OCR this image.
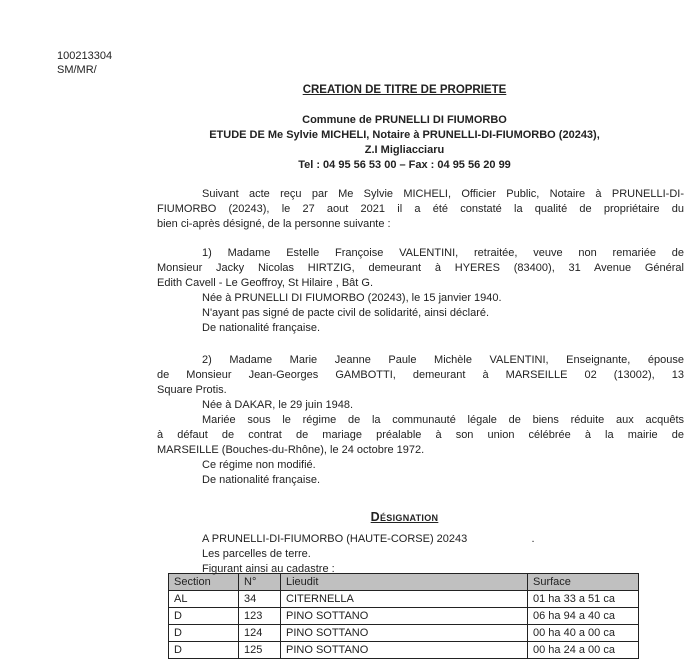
100213304
SM/MR/
CREATION DE TITRE DE PROPRIETE
Commune de PRUNELLI DI FIUMORBO
ETUDE DE Me Sylvie MICHELI, Notaire à PRUNELLI-DI-FIUMORBO (20243),
Z.I Migliacciaru
Tel : 04 95 56 53 00 – Fax : 04 95 56 20 99
Suivant acte reçu par Me Sylvie MICHELI, Officier Public, Notaire à PRUNELLI-DI-
FIUMORBO (20243), le 27 aout 2021 il a été constaté la qualité de propriétaire du
bien ci-après désigné, de la personne suivante :
1) Madame Estelle Françoise VALENTINI, retraitée, veuve non remariée de
Monsieur Jacky Nicolas HIRTZIG, demeurant à HYERES (83400), 31 Avenue Général
Edith Cavell - Le Geoffroy, St Hilaire , Bât G.
Née à PRUNELLI DI FIUMORBO (20243), le 15 janvier 1940.
N'ayant pas signé de pacte civil de solidarité, ainsi déclaré.
De nationalité française.
2) Madame Marie Jeanne Paule Michèle VALENTINI, Enseignante, épouse
de Monsieur Jean-Georges GAMBOTTI, demeurant à MARSEILLE 02 (13002), 13
Square Protis.
Née à DAKAR, le 29 juin 1948.
Mariée sous le régime de la communauté légale de biens réduite aux acquêts
à défaut de contrat de mariage préalable à son union célébrée à la mairie de
MARSEILLE (Bouches-du-Rhône), le 24 octobre 1972.
Ce régime non modifié.
De nationalité française.
Désignation
A PRUNELLI-DI-FIUMORBO (HAUTE-CORSE) 20243                     .
Les parcelles de terre.
Figurant ainsi au cadastre :
Section	N°	Lieudit	Surface
AL	34	CITERNELLA	01 ha 33 a 51 ca
D	123	PINO SOTTANO	06 ha 94 a 40 ca
D	124	PINO SOTTANO	00 ha 40 a 00 ca
D	125	PINO SOTTANO	00 ha 24 a 00 ca
